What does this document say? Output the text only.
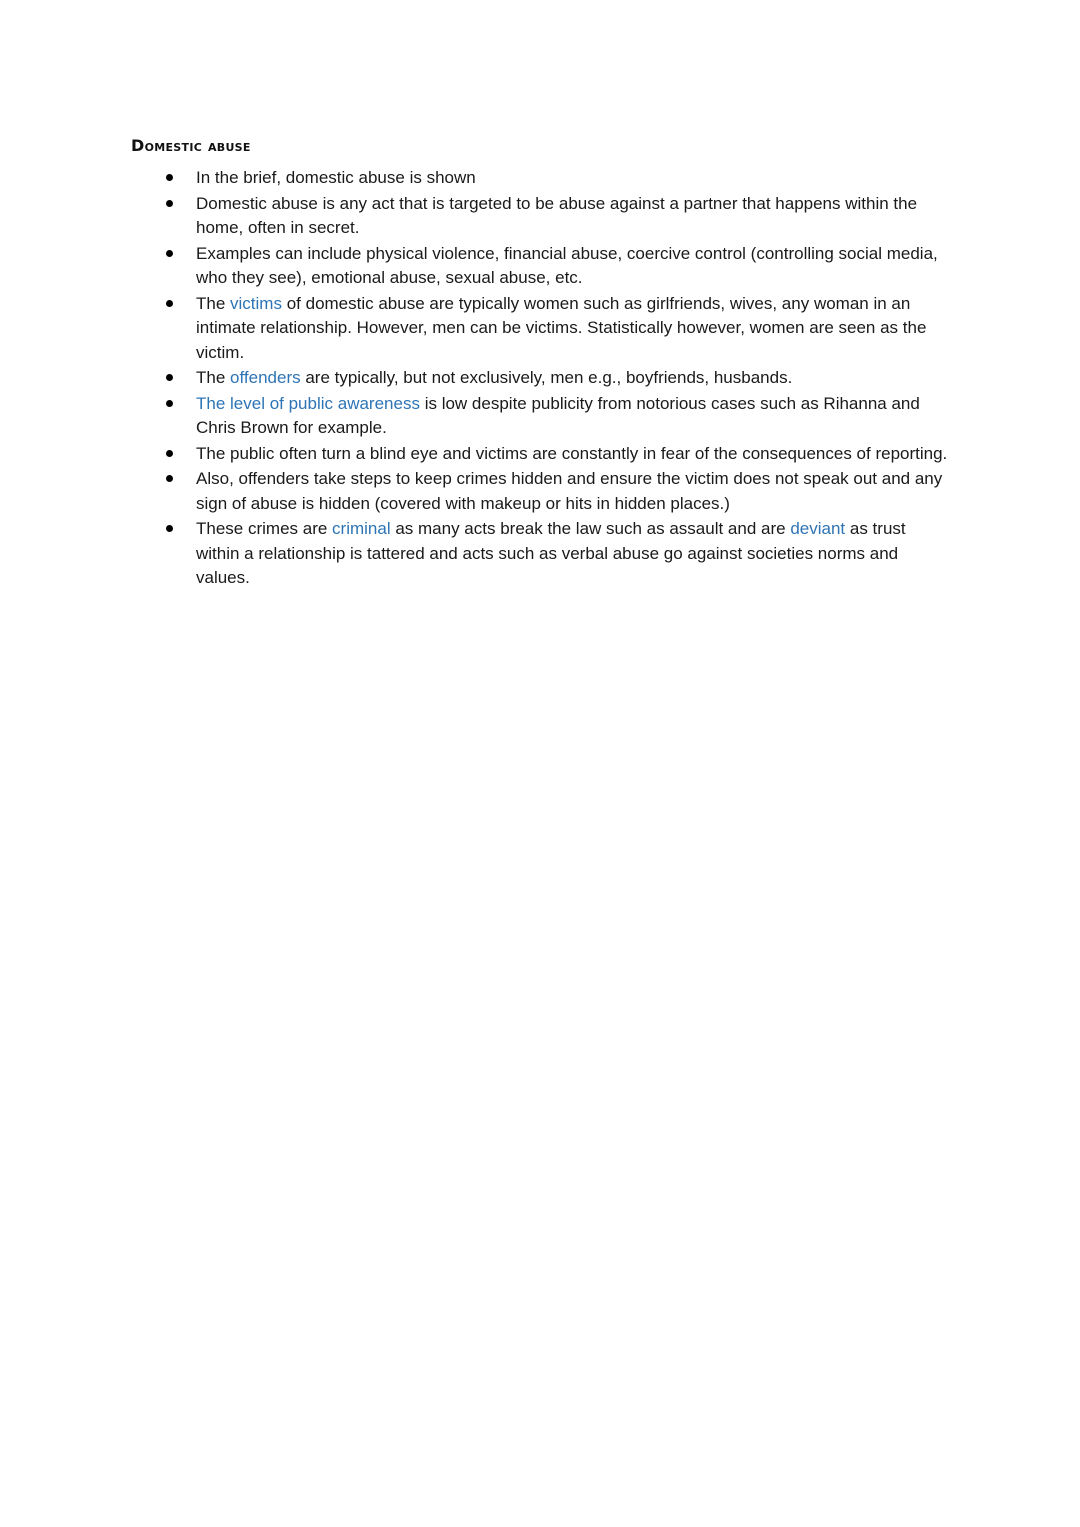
Domestic abuse
In the brief, domestic abuse is shown
Domestic abuse is any act that is targeted to be abuse against a partner that happens within the home, often in secret.
Examples can include physical violence, financial abuse, coercive control (controlling social media, who they see), emotional abuse, sexual abuse, etc.
The victims of domestic abuse are typically women such as girlfriends, wives, any woman in an intimate relationship. However, men can be victims. Statistically however, women are seen as the victim.
The offenders are typically, but not exclusively, men e.g., boyfriends, husbands.
The level of public awareness is low despite publicity from notorious cases such as Rihanna and Chris Brown for example.
The public often turn a blind eye and victims are constantly in fear of the consequences of reporting.
Also, offenders take steps to keep crimes hidden and ensure the victim does not speak out and any sign of abuse is hidden (covered with makeup or hits in hidden places.)
These crimes are criminal as many acts break the law such as assault and are deviant as trust within a relationship is tattered and acts such as verbal abuse go against societies norms and values.
